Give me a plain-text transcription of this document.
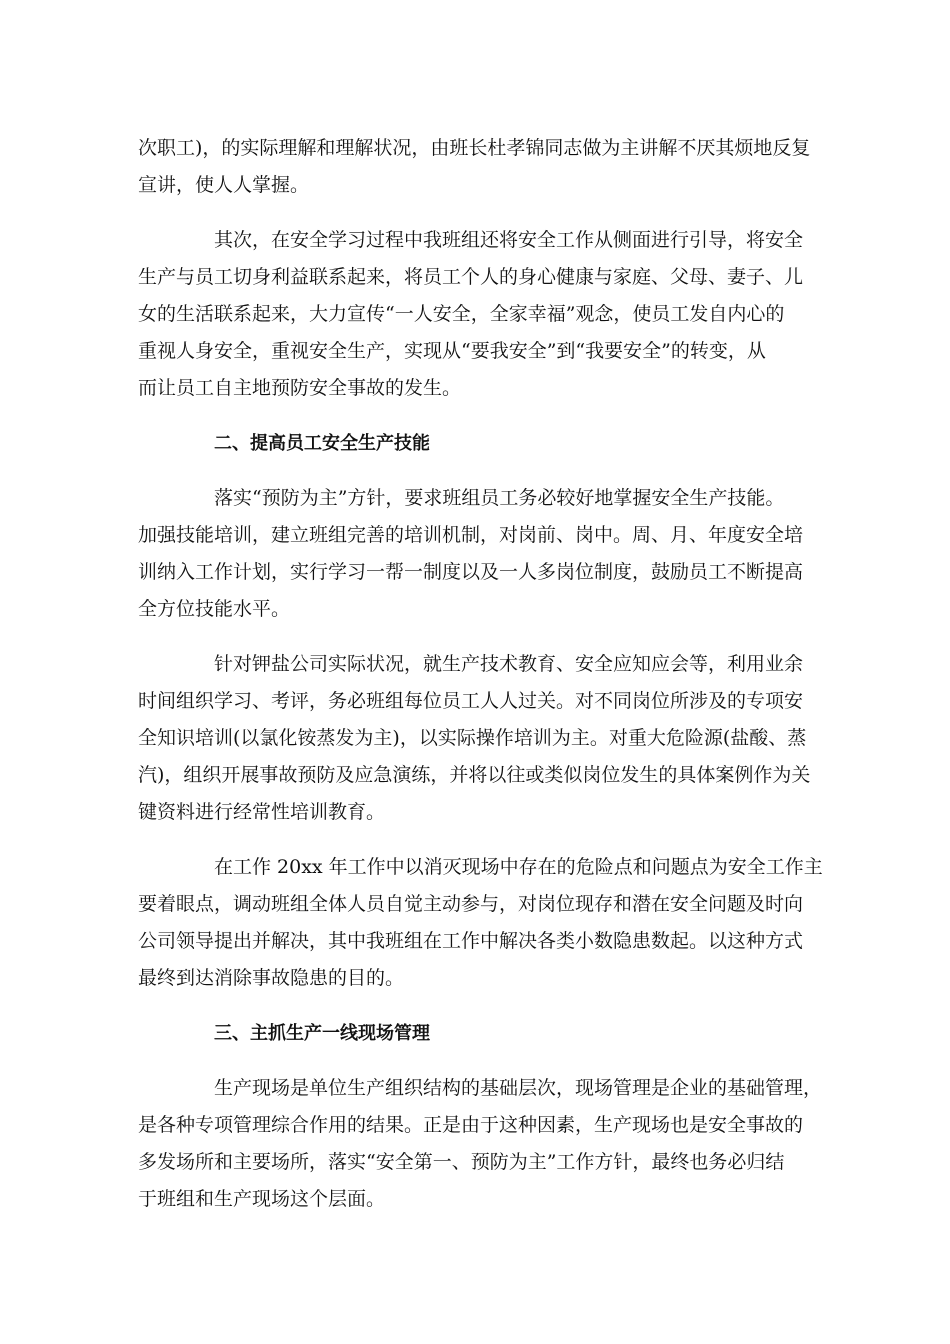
次职工)，的实际理解和理解状况，由班长杜孝锦同志做为主讲解不厌其烦地反复

宣讲，使人人掌握。

其次，在安全学习过程中我班组还将安全工作从侧面进行引导，将安全

生产与员工切身利益联系起来，将员工个人的身心健康与家庭、父母、妻子、儿

女的生活联系起来，大力宣传“一人安全，全家幸福”观念，使员工发自内心的

重视人身安全，重视安全生产，实现从“要我安全”到“我要安全”的转变，从

而让员工自主地预防安全事故的发生。

二、提高员工安全生产技能

落实“预防为主”方针，要求班组员工务必较好地掌握安全生产技能。

加强技能培训，建立班组完善的培训机制，对岗前、岗中。周、月、年度安全培

训纳入工作计划，实行学习一帮一制度以及一人多岗位制度，鼓励员工不断提高

全方位技能水平。

针对钾盐公司实际状况，就生产技术教育、安全应知应会等，利用业余

时间组织学习、考评，务必班组每位员工人人过关。对不同岗位所涉及的专项安

全知识培训(以氯化铵蒸发为主)，以实际操作培训为主。对重大危险源(盐酸、蒸

汽)，组织开展事故预防及应急演练，并将以往或类似岗位发生的具体案例作为关

键资料进行经常性培训教育。

在工作 20xx 年工作中以消灭现场中存在的危险点和问题点为安全工作主

要着眼点，调动班组全体人员自觉主动参与，对岗位现存和潜在安全问题及时向

公司领导提出并解决，其中我班组在工作中解决各类小数隐患数起。以这种方式

最终到达消除事故隐患的目的。

三、主抓生产一线现场管理

生产现场是单位生产组织结构的基础层次，现场管理是企业的基础管理，

是各种专项管理综合作用的结果。正是由于这种因素，生产现场也是安全事故的

多发场所和主要场所，落实“安全第一、预防为主”工作方针，最终也务必归结

于班组和生产现场这个层面。
